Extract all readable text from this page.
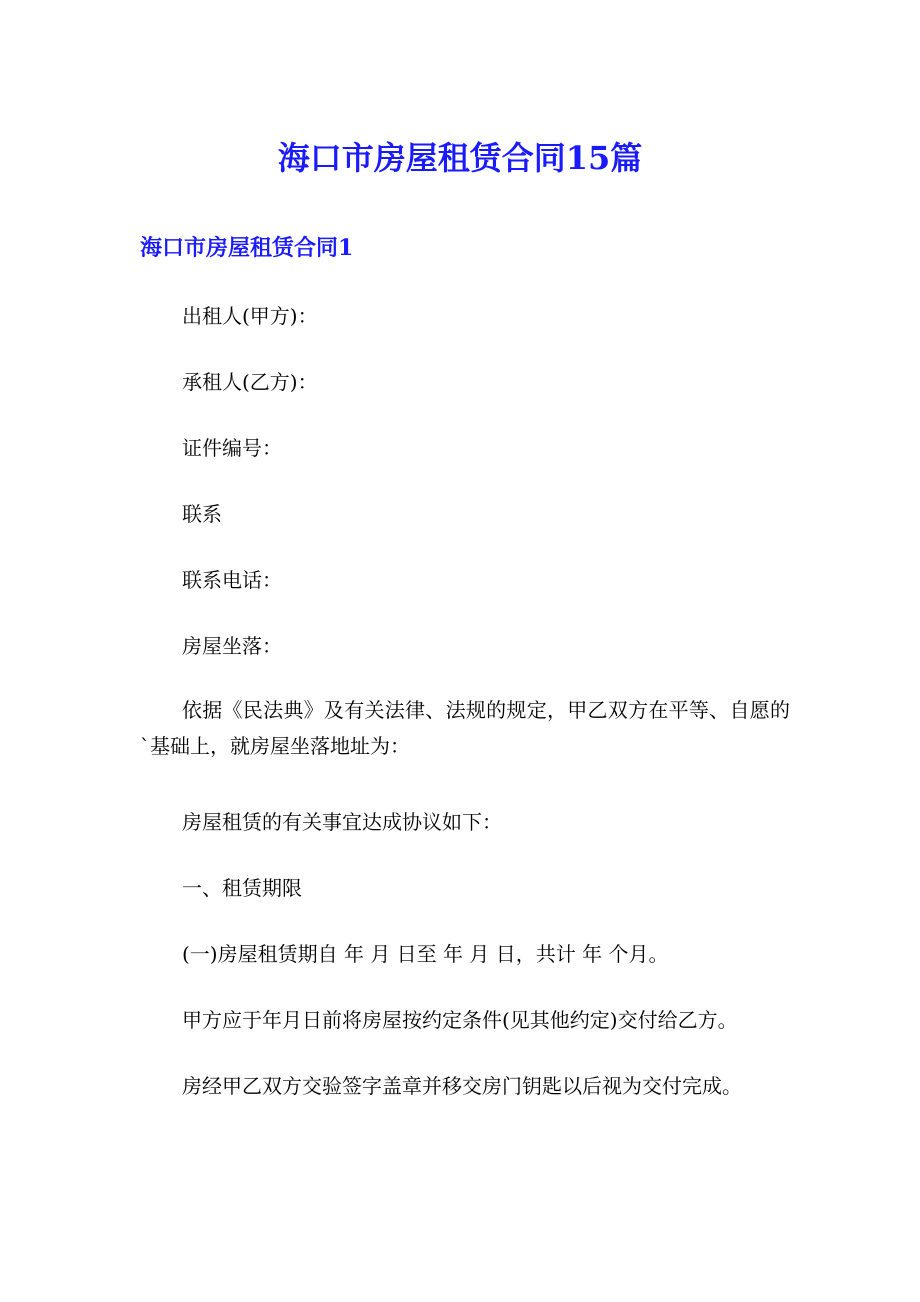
海口市房屋租赁合同15篇
海口市房屋租赁合同1

出租人(甲方)：

承租人(乙方)：

证件编号：

联系

联系电话：

房屋坐落：

依据《民法典》及有关法律、法规的规定，甲乙双方在平等、自愿的`基础上，就房屋坐落地址为：

房屋租赁的有关事宜达成协议如下：

一、租赁期限

(一)房屋租赁期自 年 月 日至 年 月 日，共计 年 个月。

甲方应于年月日前将房屋按约定条件(见其他约定)交付给乙方。

房经甲乙双方交验签字盖章并移交房门钥匙以后视为交付完成。
